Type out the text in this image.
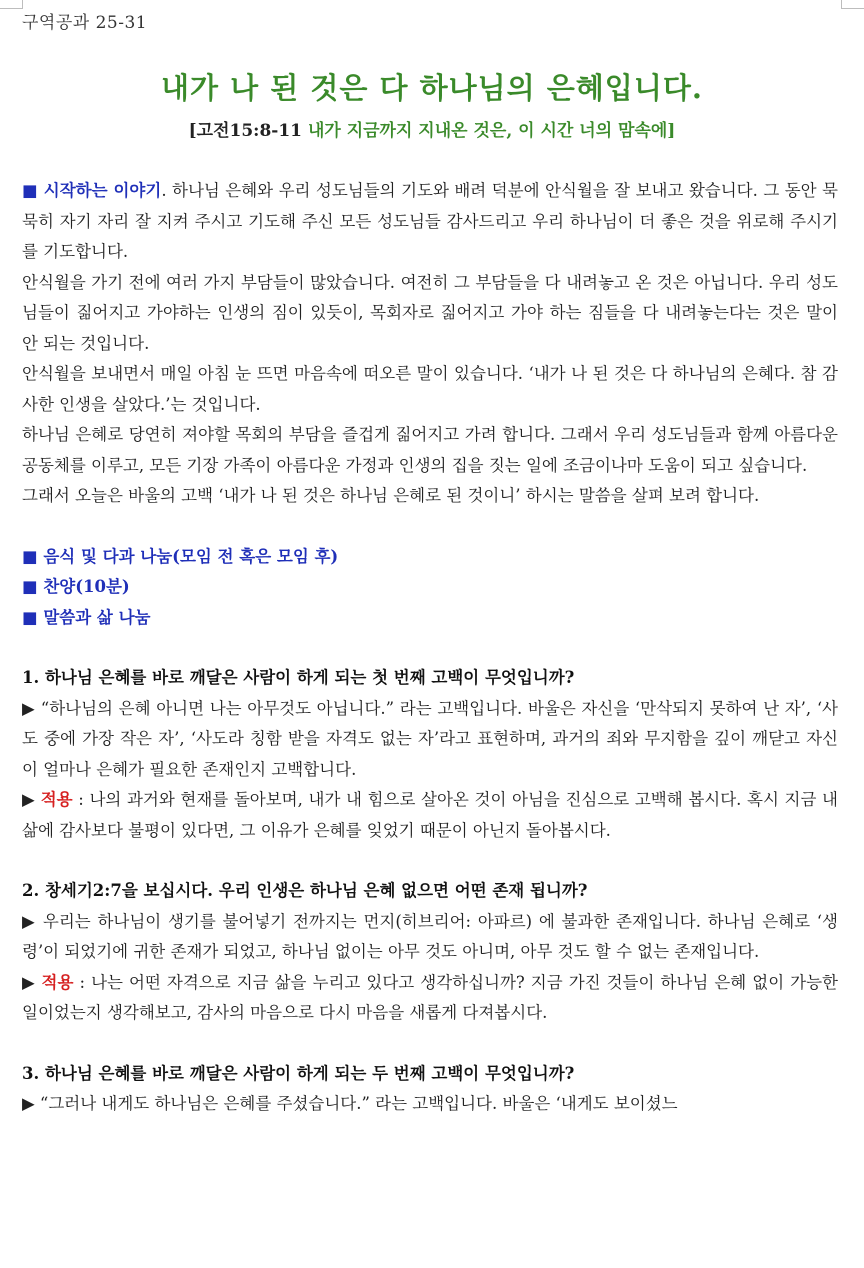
구역공과 25-31
내가 나 된 것은 다 하나님의 은혜입니다.
[고전15:8-11 내가 지금까지 지내온 것은, 이 시간 너의 맘속에]

■ 시작하는 이야기. 하나님 은혜와 우리 성도님들의 기도와 배려 덕분에 안식월을 잘 보내고 왔습니다. 그 동안 묵묵히 자기 자리 잘 지켜 주시고 기도해 주신 모든 성도님들 감사드리고 우리 하나님이 더 좋은 것을 위로해 주시기를 기도합니다.

안식월을 가기 전에 여러 가지 부담들이 많았습니다. 여전히 그 부담들을 다 내려놓고 온 것은 아닙니다. 우리 성도님들이 짊어지고 가야하는 인생의 짐이 있듯이, 목회자로 짊어지고 가야 하는 짐들을 다 내려놓는다는 것은 말이 안 되는 것입니다.

안식월을 보내면서 매일 아침 눈 뜨면 마음속에 떠오른 말이 있습니다. ‘내가 나 된 것은 다 하나님의 은혜다. 참 감사한 인생을 살았다.’는 것입니다.

하나님 은혜로 당연히 져야할 목회의 부담을 즐겁게 짊어지고 가려 합니다. 그래서 우리 성도님들과 함께 아름다운 공동체를 이루고, 모든 기장 가족이 아름다운 가정과 인생의 집을 짓는 일에 조금이나마 도움이 되고 싶습니다.

그래서 오늘은 바울의 고백 ‘내가 나 된 것은 하나님 은혜로 된 것이니’ 하시는 말씀을 살펴 보려 합니다.

■ 음식 및 다과 나눔(모임 전 혹은 모임 후)

■ 찬양(10분)

■ 말씀과 삶 나눔

1. 하나님 은혜를 바로 깨달은 사람이 하게 되는 첫 번째 고백이 무엇입니까?

▶ “하나님의 은혜 아니면 나는 아무것도 아닙니다.” 라는 고백입니다. 바울은 자신을 ‘만삭되지 못하여 난 자’, ‘사도 중에 가장 작은 자’, ‘사도라 칭함 받을 자격도 없는 자’라고 표현하며, 과거의 죄와 무지함을 깊이 깨닫고 자신이 얼마나 은혜가 필요한 존재인지 고백합니다.

▶ 적용 : 나의 과거와 현재를 돌아보며, 내가 내 힘으로 살아온 것이 아님을 진심으로 고백해 봅시다. 혹시 지금 내 삶에 감사보다 불평이 있다면, 그 이유가 은혜를 잊었기 때문이 아닌지 돌아봅시다.

2. 창세기2:7을 보십시다. 우리 인생은 하나님 은혜 없으면 어떤 존재 됩니까?

▶ 우리는 하나님이 생기를 불어넣기 전까지는 먼지(히브리어: 아파르) 에 불과한 존재입니다. 하나님 은혜로 ‘생령’이 되었기에 귀한 존재가 되었고, 하나님 없이는 아무 것도 아니며, 아무 것도 할 수 없는 존재입니다.

▶ 적용 : 나는 어떤 자격으로 지금 삶을 누리고 있다고 생각하십니까? 지금 가진 것들이 하나님 은혜 없이 가능한 일이었는지 생각해보고, 감사의 마음으로 다시 마음을 새롭게 다져봅시다.

3. 하나님 은혜를 바로 깨달은 사람이 하게 되는 두 번째 고백이 무엇입니까?

▶ “그러나 내게도 하나님은 은혜를 주셨습니다.” 라는 고백입니다. 바울은 ‘내게도 보이셨느
